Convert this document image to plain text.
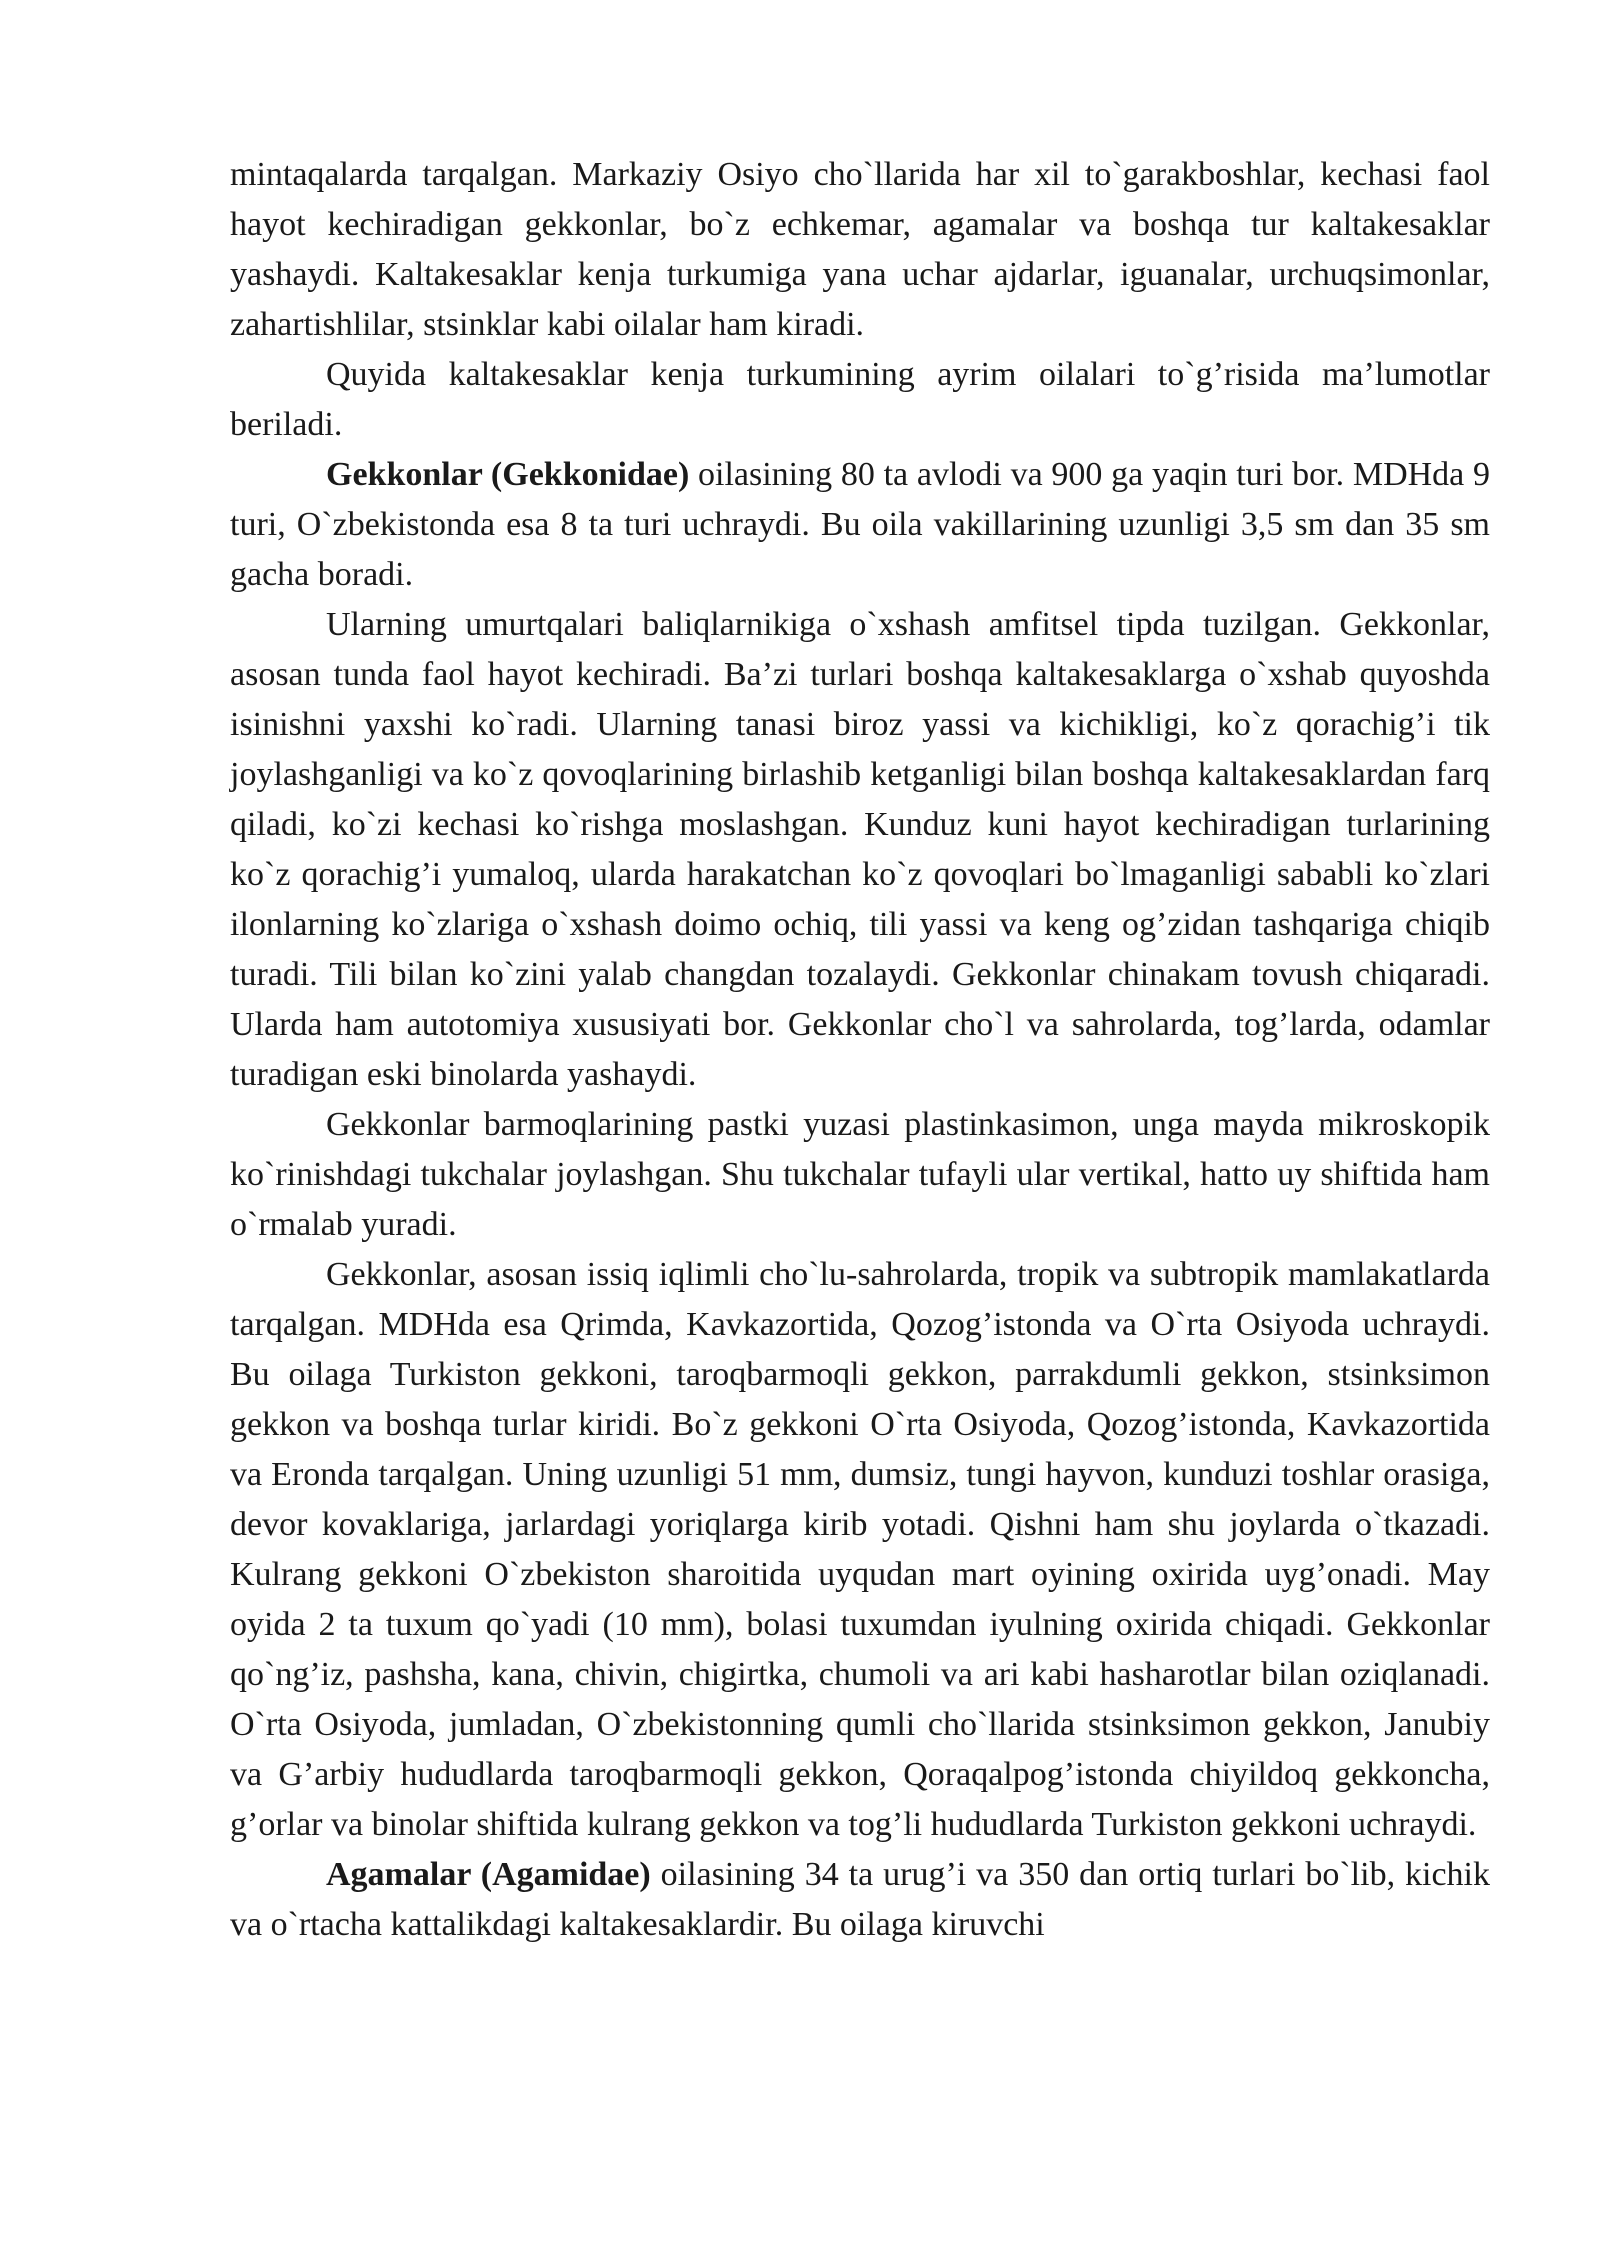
mintaqalarda tarqalgan. Markaziy Osiyo cho`llarida har xil to`garakboshlar, kechasi faol hayot kechiradigan gekkonlar, bo`z echkemar, agamalar va boshqa tur kaltakesaklar yashaydi. Kaltakesaklar kenja turkumiga yana uchar ajdarlar, iguanalar, urchuqsimonlar, zahartishlilar, stsinklar kabi oilalar ham kiradi.

Quyida kaltakesaklar kenja turkumining ayrim oilalari to`g’risida ma’lumotlar beriladi.

Gekkonlar (Gekkonidae) oilasining 80 ta avlodi va 900 ga yaqin turi bor. MDHda 9 turi, O`zbekistonda esa 8 ta turi uchraydi. Bu oila vakillarining uzunligi 3,5 sm dan 35 sm gacha boradi.

Ularning umurtqalari baliqlarnikiga o`xshash amfitsel tipda tuzilgan. Gekkonlar, asosan tunda faol hayot kechiradi. Ba’zi turlari boshqa kaltakesaklarga o`xshab quyoshda isinishni yaxshi ko`radi. Ularning tanasi biroz yassi va kichikligi, ko`z qorachig’i tik joylashganligi va ko`z qovoqlarining birlashib ketganligi bilan boshqa kaltakesaklardan farq qiladi, ko`zi kechasi ko`rishga moslashgan. Kunduz kuni hayot kechiradigan turlarining ko`z qorachig’i yumaloq, ularda harakatchan ko`z qovoqlari bo`lmaganligi sababli ko`zlari ilonlarning ko`zlariga o`xshash doimo ochiq, tili yassi va keng og’zidan tashqariga chiqib turadi. Tili bilan ko`zini yalab changdan tozalaydi. Gekkonlar chinakam tovush chiqaradi. Ularda ham autotomiya xususiyati bor. Gekkonlar cho`l va sahrolarda, tog’larda, odamlar turadigan eski binolarda yashaydi.

Gekkonlar barmoqlarining pastki yuzasi plastinkasimon, unga mayda mikroskopik ko`rinishdagi tukchalar joylashgan. Shu tukchalar tufayli ular vertikal, hatto uy shiftida ham o`rmalab yuradi.

Gekkonlar, asosan issiq iqlimli cho`lu-sahrolarda, tropik va subtropik mamlakatlarda tarqalgan. MDHda esa Qrimda, Kavkazortida, Qozog’istonda va O`rta Osiyoda uchraydi. Bu oilaga Turkiston gekkoni, taroqbarmoqli gekkon, parrakdumli gekkon, stsinksimon gekkon va boshqa turlar kiridi. Bo`z gekkoni O`rta Osiyoda, Qozog’istonda, Kavkazortida va Eronda tarqalgan. Uning uzunligi 51 mm, dumsiz, tungi hayvon, kunduzi toshlar orasiga, devor kovaklariga, jarlardagi yoriqlarga kirib yotadi. Qishni ham shu joylarda o`tkazadi. Kulrang gekkoni O`zbekiston sharoitida uyqudan mart oyining oxirida uyg’onadi. May oyida 2 ta tuxum qo`yadi (10 mm), bolasi tuxumdan iyulning oxirida chiqadi. Gekkonlar qo`ng’iz, pashsha, kana, chivin, chigirtka, chumoli va ari kabi hasharotlar bilan oziqlanadi. O`rta Osiyoda, jumladan, O`zbekistonning qumli cho`llarida stsinksimon gekkon, Janubiy va G’arbiy hududlarda taroqbarmoqli gekkon, Qoraqalpog’istonda chiyildoq gekkoncha, g’orlar va binolar shiftida kulrang gekkon va tog’li hududlarda Turkiston gekkoni uchraydi.

Agamalar (Agamidae) oilasining 34 ta urug’i va 350 dan ortiq turlari bo`lib, kichik va o`rtacha kattalikdagi kaltakesaklardir. Bu oilaga kiruvchi
